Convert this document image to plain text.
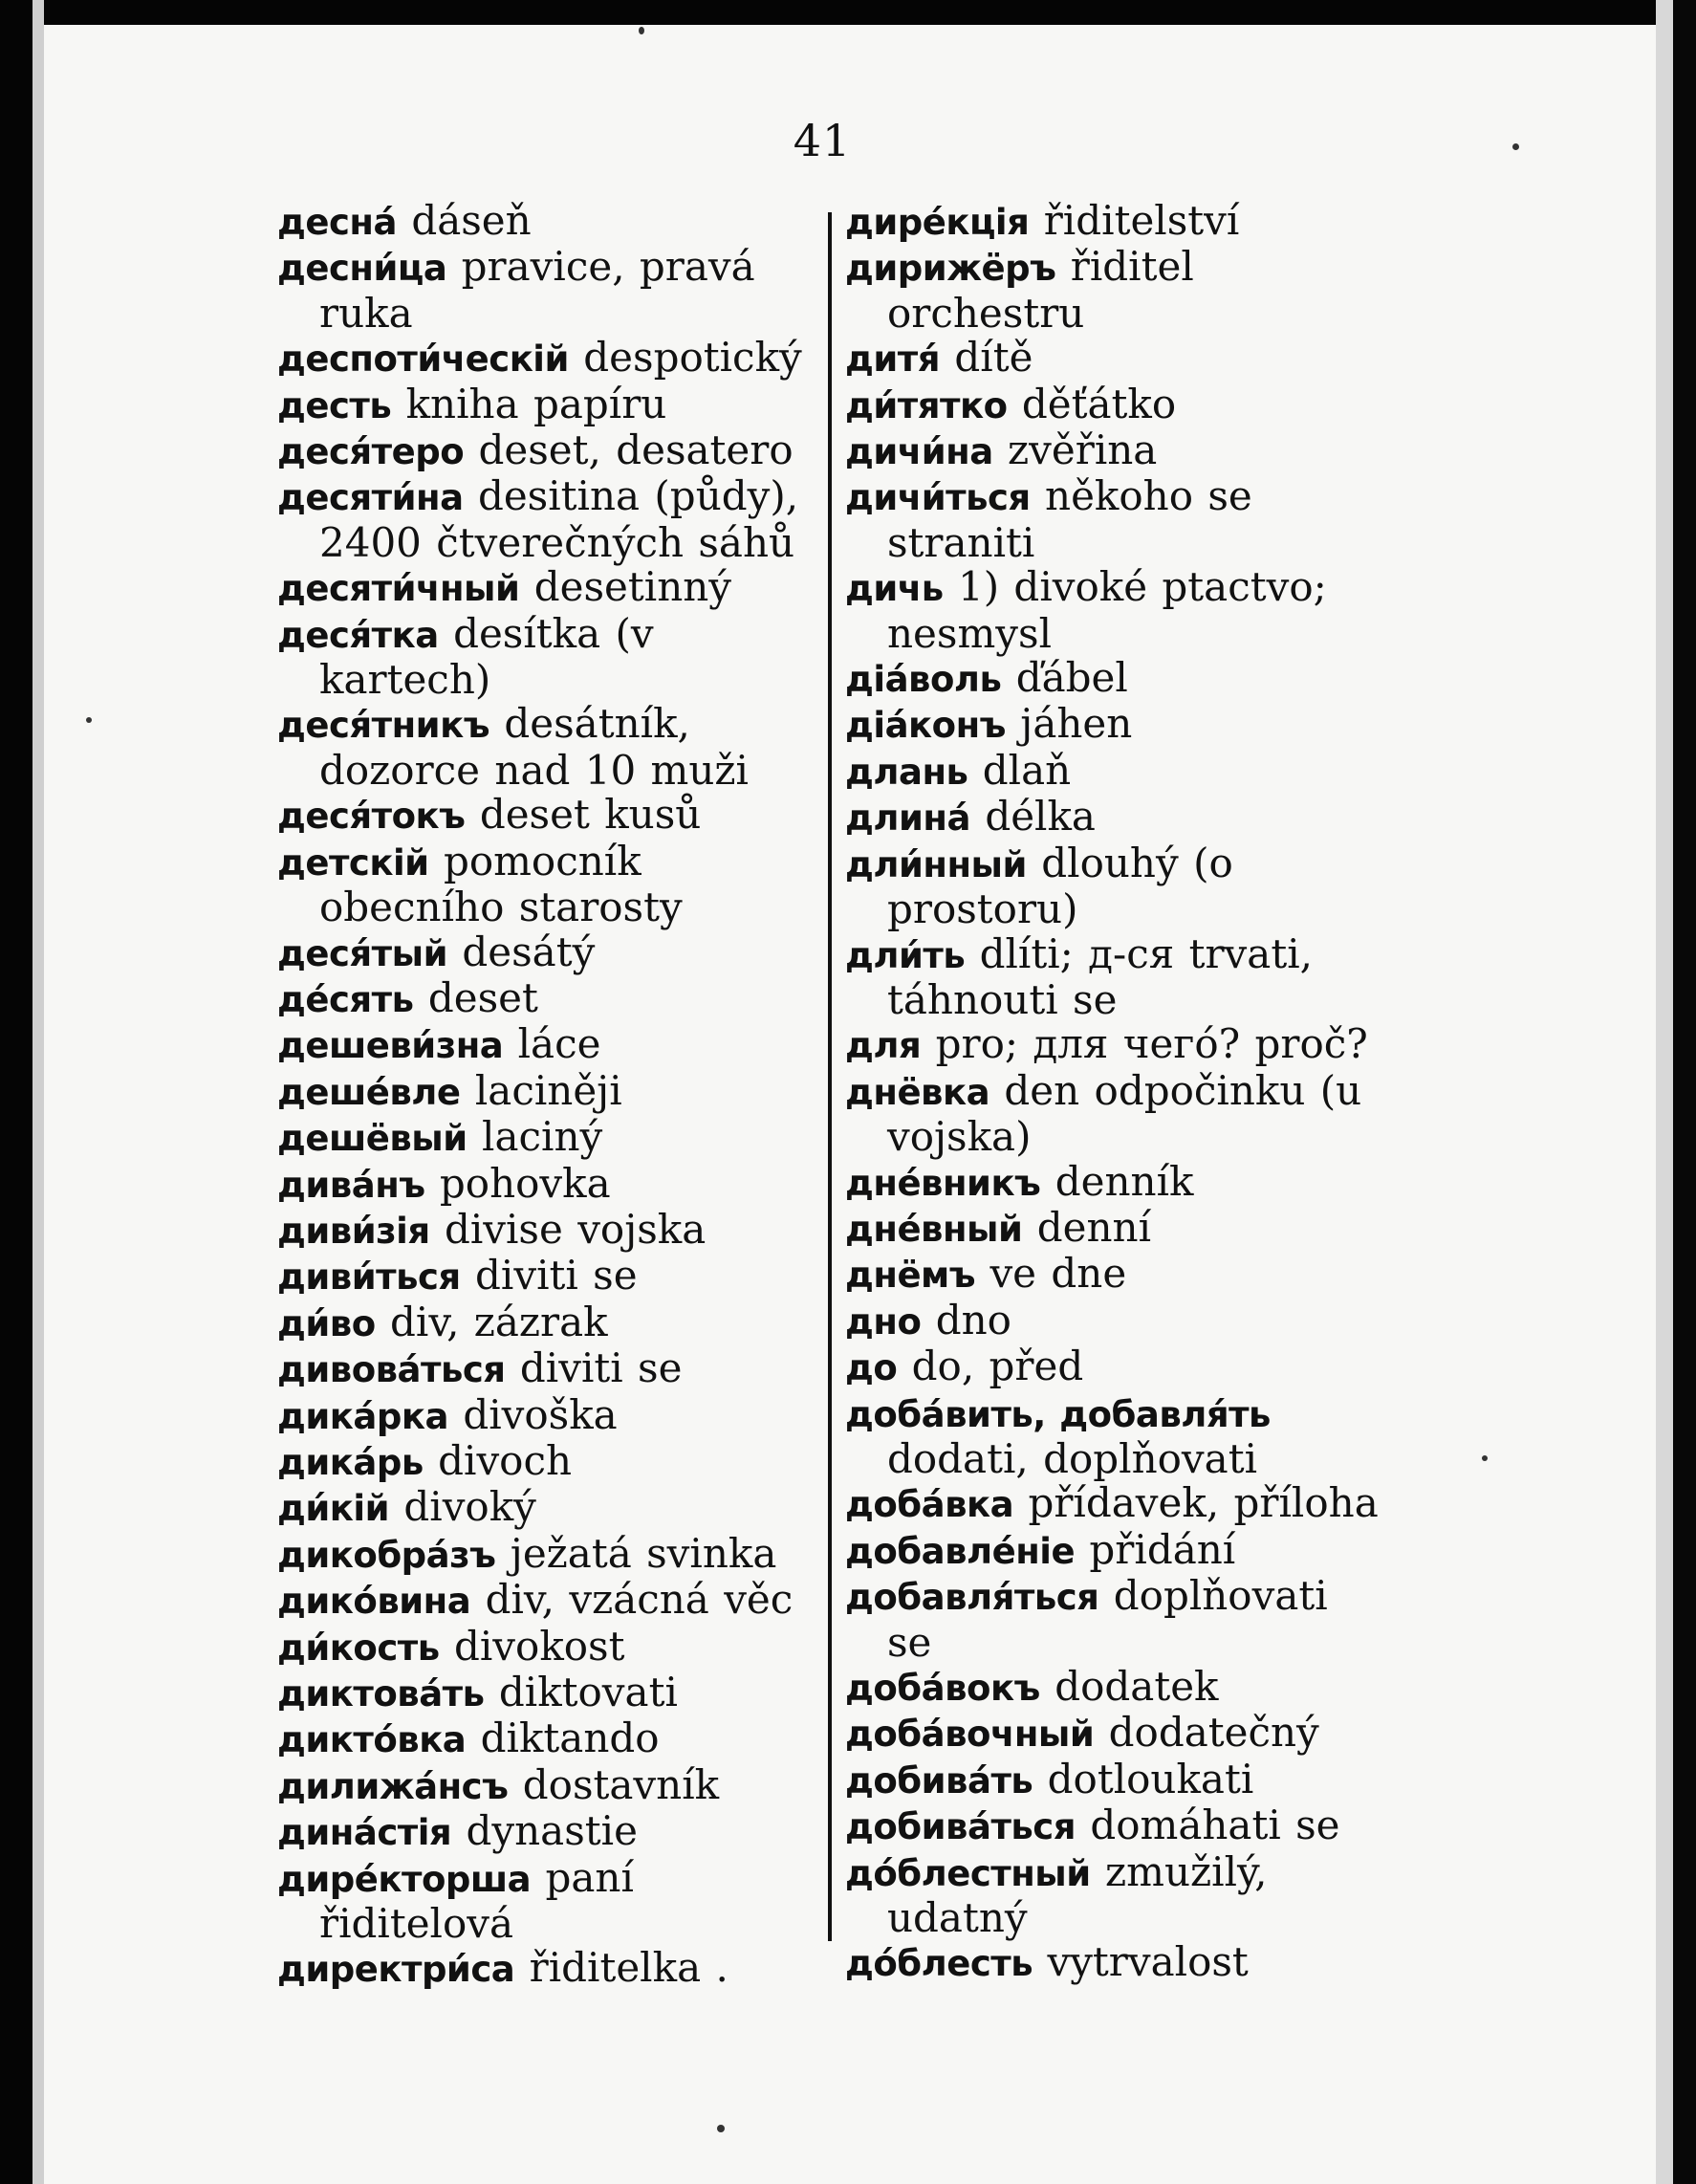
41
десна́ dáseň
десни́ца pravice, pravá ruka
деспоти́ческій despotický
десть kniha papíru
деся́теро deset, desatero
десяти́на desitina (půdy), 2400 čtverečných sáhů
десяти́чный desetinný
деся́тка desítka (v kartech)
деся́тникъ desátník, dozorce nad 10 muži
деся́токъ deset kusů
детскій pomocník obecního starosty
деся́тый desátý
де́сять deset
дешеви́зна láce
деше́вле lacinějі
дешёвый laciný
дива́нъ pohovka
диви́зія divise vojska
диви́ться diviti se
ди́во div, zázrak
дивова́ться diviti se
дика́рка divoška
дика́рь divoch
ди́кій divoký
дикобра́зъ ježatá svinka
дико́вина div, vzácná věc
ди́кость divokost
диктова́ть diktovati
дикто́вка diktando
дилижа́нсъ dostavník
дина́стія dynastie
дире́кторша paní řiditelová
директри́са řiditelka .
дире́кція řiditelství
дирижёръ řiditel orchestru
дитя́ dítě
ди́тятко děťátko
дичи́на zvěřina
дичи́ться někoho se straniti
дичь 1) divoké ptactvo; nesmysl
діа́воль ďábel
діа́конъ jáhen
длань dlaň
длина́ délka
дли́нный dlouhý (o prostoru)
дли́ть dlíti; д-ся trvati, táhnouti se
для pro; для чего́? proč?
днёвка den odpočinku (u vojska)
дне́вникъ denník
дне́вный denní
днёмъ ve dne
дно dno
до do, před
доба́вить, добавля́ть dodati, doplňovati
доба́вка přídavek, příloha
добавле́ніе přidání
добавля́ться doplňovati se
доба́вокъ dodatek
доба́вочный dodatečný
добива́ть dotloukati
добива́ться domáhati se
до́блестный zmužilý, udatný
до́блесть vytrvalost
